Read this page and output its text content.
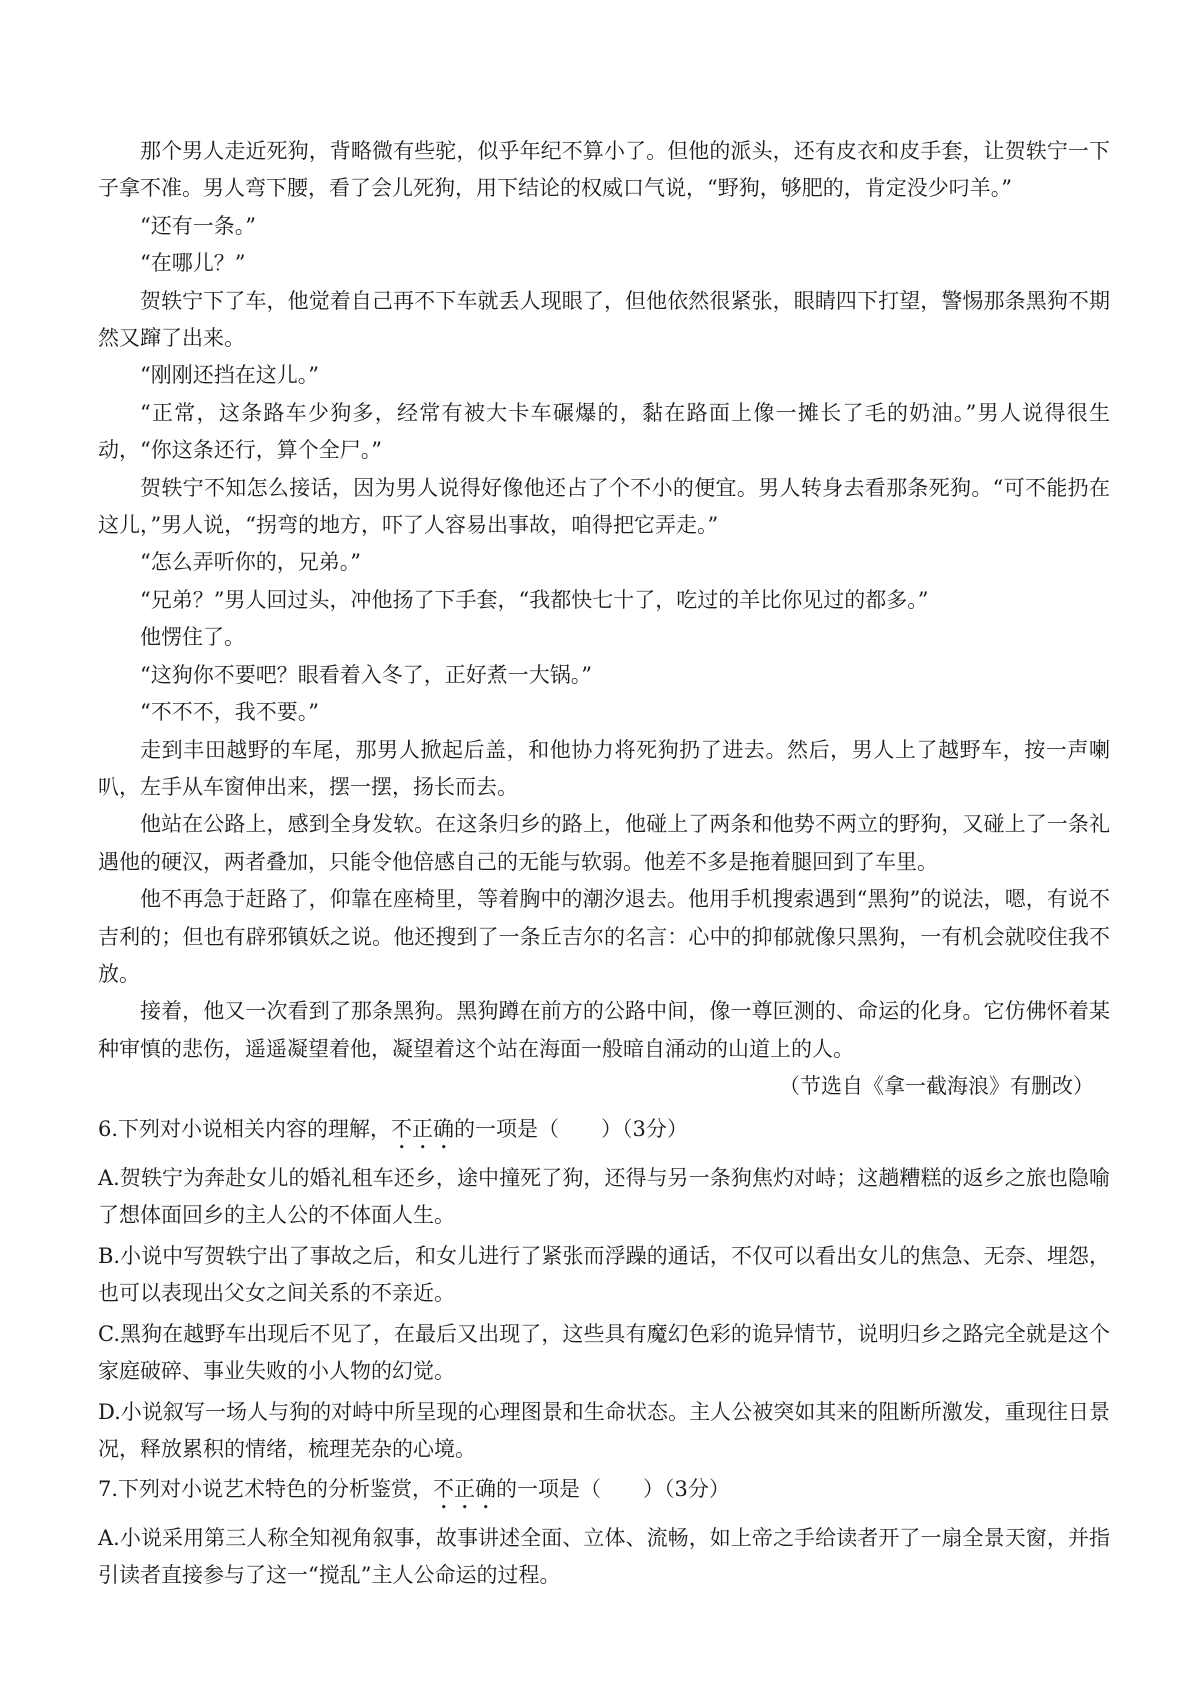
那个男人走近死狗，背略微有些驼，似乎年纪不算小了。但他的派头，还有皮衣和皮手套，让贺轶宁一下子拿不准。男人弯下腰，看了会儿死狗，用下结论的权威口气说，“野狗，够肥的，肯定没少叼羊。”

“还有一条。”

“在哪儿？”

贺轶宁下了车，他觉着自己再不下车就丢人现眼了，但他依然很紧张，眼睛四下打望，警惕那条黑狗不期然又蹿了出来。

“刚刚还挡在这儿。”

“正常，这条路车少狗多，经常有被大卡车碾爆的，黏在路面上像一摊长了毛的奶油。”男人说得很生动，“你这条还行，算个全尸。”

贺轶宁不知怎么接话，因为男人说得好像他还占了个不小的便宜。男人转身去看那条死狗。“可不能扔在这儿，”男人说，“拐弯的地方，吓了人容易出事故，咱得把它弄走。”

“怎么弄听你的，兄弟。”

“兄弟？”男人回过头，冲他扬了下手套，“我都快七十了，吃过的羊比你见过的都多。”

他愣住了。

“这狗你不要吧？眼看着入冬了，正好煮一大锅。”

“不不不，我不要。”

走到丰田越野的车尾，那男人掀起后盖，和他协力将死狗扔了进去。然后，男人上了越野车，按一声喇叭，左手从车窗伸出来，摆一摆，扬长而去。

他站在公路上，感到全身发软。在这条归乡的路上，他碰上了两条和他势不两立的野狗，又碰上了一条礼遇他的硬汉，两者叠加，只能令他倍感自己的无能与软弱。他差不多是拖着腿回到了车里。

他不再急于赶路了，仰靠在座椅里，等着胸中的潮汐退去。他用手机搜索遇到“黑狗”的说法，嗯，有说不吉利的；但也有辟邪镇妖之说。他还搜到了一条丘吉尔的名言：心中的抑郁就像只黑狗，一有机会就咬住我不放。

接着，他又一次看到了那条黑狗。黑狗蹲在前方的公路中间，像一尊叵测的、命运的化身。它仿佛怀着某种审慎的悲伤，遥遥凝望着他，凝望着这个站在海面一般暗自涌动的山道上的人。

（节选自《拿一截海浪》有删改）
6.下列对小说相关内容的理解，不正确的一项是（　　）（3分）
A.贺轶宁为奔赴女儿的婚礼租车还乡，途中撞死了狗，还得与另一条狗焦灼对峙；这趟糟糕的返乡之旅也隐喻了想体面回乡的主人公的不体面人生。
B.小说中写贺轶宁出了事故之后，和女儿进行了紧张而浮躁的通话，不仅可以看出女儿的焦急、无奈、埋怨，也可以表现出父女之间关系的不亲近。
C.黑狗在越野车出现后不见了，在最后又出现了，这些具有魔幻色彩的诡异情节，说明归乡之路完全就是这个家庭破碎、事业失败的小人物的幻觉。
D.小说叙写一场人与狗的对峙中所呈现的心理图景和生命状态。主人公被突如其来的阻断所激发，重现往日景况，释放累积的情绪，梳理芜杂的心境。
7.下列对小说艺术特色的分析鉴赏，不正确的一项是（　　）（3分）
A.小说采用第三人称全知视角叙事，故事讲述全面、立体、流畅，如上帝之手给读者开了一扇全景天窗，并指引读者直接参与了这一“搅乱”主人公命运的过程。
